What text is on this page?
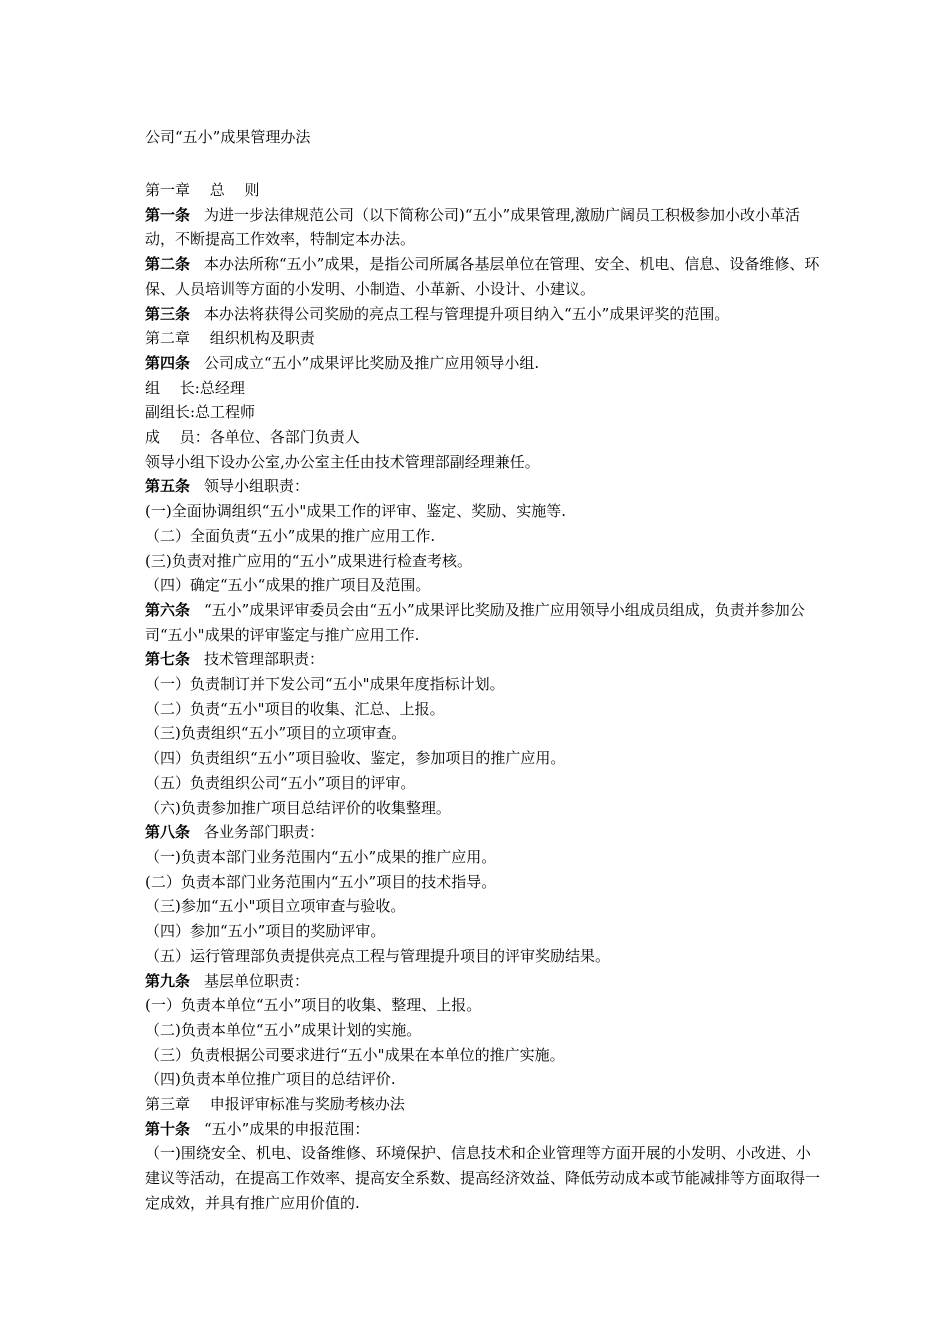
公司“五小”成果管理办法
第一章　 总　 则
第一条 为进一步法律规范公司（以下简称公司)“五小”成果管理,激励广阔员工积极参加小改小革活动，不断提高工作效率，特制定本办法。
第二条 本办法所称“五小”成果，是指公司所属各基层单位在管理、安全、机电、信息、设备维修、环保、人员培训等方面的小发明、小制造、小革新、小设计、小建议。
第三条 本办法将获得公司奖励的亮点工程与管理提升项目纳入“五小”成果评奖的范围。
第二章　 组织机构及职责
第四条 公司成立“五小”成果评比奖励及推广应用领导小组.
组　 长:总经理
副组长:总工程师
成　 员：各单位、各部门负责人
领导小组下设办公室,办公室主任由技术管理部副经理兼任。
第五条 领导小组职责：
(一)全面协调组织“五小"成果工作的评审、鉴定、奖励、实施等.
（二）全面负责“五小”成果的推广应用工作.
(三)负责对推广应用的“五小”成果进行检查考核。
（四）确定“五小“成果的推广项目及范围。
第六条 “五小”成果评审委员会由“五小”成果评比奖励及推广应用领导小组成员组成，负责并参加公司“五小"成果的评审鉴定与推广应用工作.
第七条 技术管理部职责：
（一）负责制订并下发公司“五小"成果年度指标计划。
（二）负责“五小"项目的收集、汇总、上报。
（三)负责组织“五小”项目的立项审查。
（四）负责组织“五小”项目验收、鉴定，参加项目的推广应用。
（五）负责组织公司“五小”项目的评审。
（六)负责参加推广项目总结评价的收集整理。
第八条 各业务部门职责：
（一)负责本部门业务范围内“五小”成果的推广应用。
(二）负责本部门业务范围内“五小”项目的技术指导。
（三)参加“五小"项目立项审查与验收。
（四）参加“五小”项目的奖励评审。
（五）运行管理部负责提供亮点工程与管理提升项目的评审奖励结果。
第九条 基层单位职责：
(一）负责本单位“五小”项目的收集、整理、上报。
（二)负责本单位“五小”成果计划的实施。
（三）负责根据公司要求进行“五小"成果在本单位的推广实施。
（四)负责本单位推广项目的总结评价.
第三章　 申报评审标准与奖励考核办法
第十条 “五小”成果的申报范围：
（一)围绕安全、机电、设备维修、环境保护、信息技术和企业管理等方面开展的小发明、小改进、小建议等活动，在提高工作效率、提高安全系数、提高经济效益、降低劳动成本或节能减排等方面取得一定成效，并具有推广应用价值的.
